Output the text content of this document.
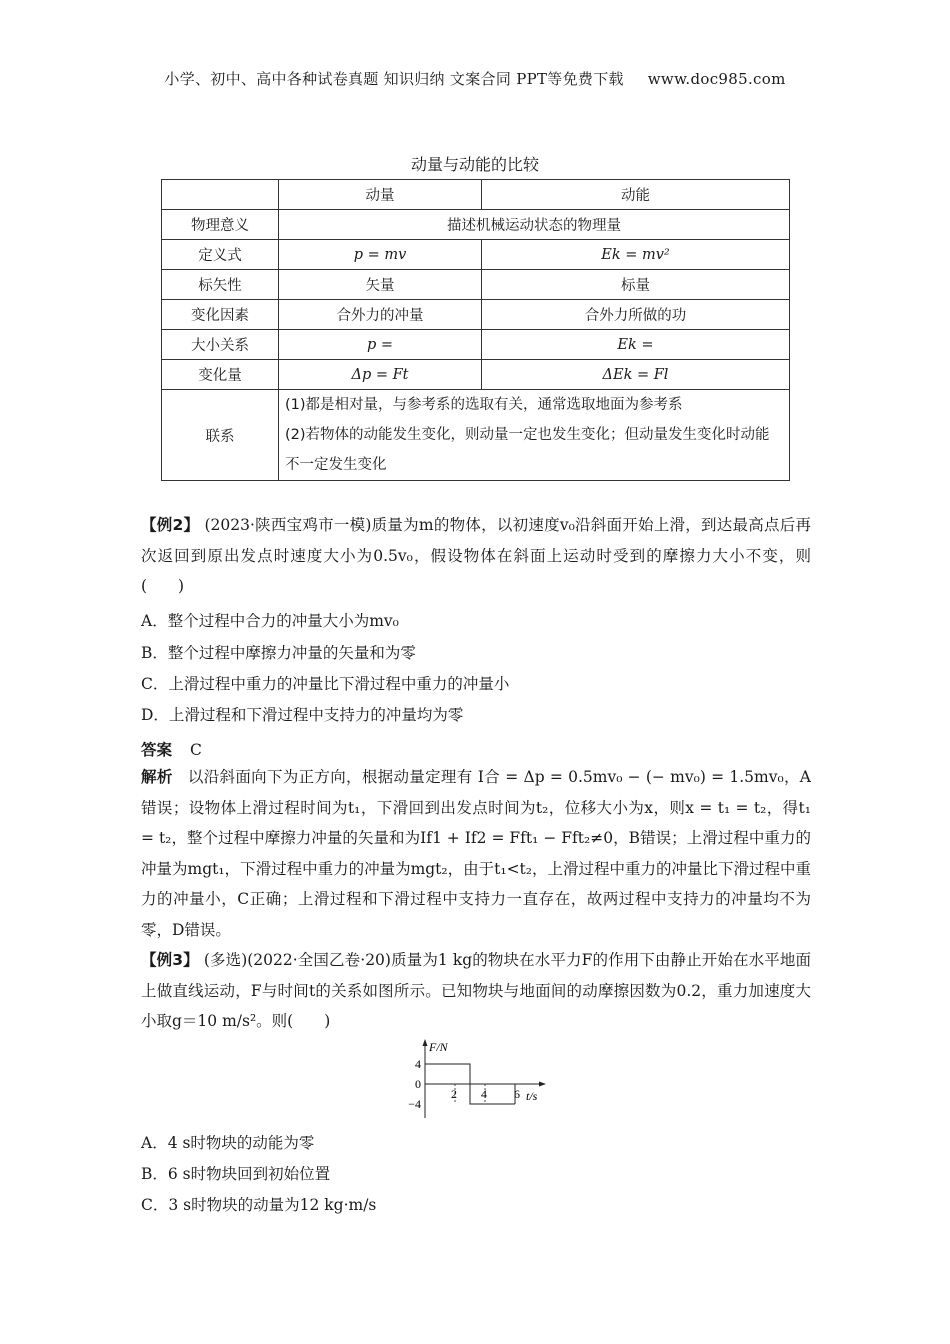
小学、初中、高中各种试卷真题 知识归纳 文案合同 PPT等免费下载 www.doc985.com
动量与动能的比较
	动量	动能
物理意义	描述机械运动状态的物理量	
定义式	p = mv	Ek = mv²
标矢性	矢量	标量
变化因素	合外力的冲量	合外力所做的功
大小关系	p =	Ek =
变化量	Δp = Ft	ΔEk = Fl
联系	(1)都是相对量，与参考系的选取有关，通常选取地面为参考系
(2)若物体的动能发生变化，则动量一定也发生变化；但动量发生变化时动能不一定发生变化	
【例2】 (2023·陕西宝鸡市一模)质量为m的物体，以初速度v₀沿斜面开始上滑，到达最高点后再次返回到原出发点时速度大小为0.5v₀，假设物体在斜面上运动时受到的摩擦力大小不变，则(　　)
A．整个过程中合力的冲量大小为mv₀
B．整个过程中摩擦力冲量的矢量和为零
C．上滑过程中重力的冲量比下滑过程中重力的冲量小
D．上滑过程和下滑过程中支持力的冲量均为零
答案 C
解析 以沿斜面向下为正方向，根据动量定理有 I合 = Δp = 0.5mv₀ − (− mv₀) = 1.5mv₀，A错误；设物体上滑过程时间为t₁，下滑回到出发点时间为t₂，位移大小为x，则x = t₁ = t₂，得t₁ = t₂，整个过程中摩擦力冲量的矢量和为If1 + If2 = Fft₁ − Fft₂≠0，B错误；上滑过程中重力的冲量为mgt₁，下滑过程中重力的冲量为mgt₂，由于t₁<t₂，上滑过程中重力的冲量比下滑过程中重力的冲量小，C正确；上滑过程和下滑过程中支持力一直存在，故两过程中支持力的冲量均不为零，D错误。
【例3】 (多选)(2022·全国乙卷·20)质量为1 kg的物块在水平力F的作用下由静止开始在水平地面上做直线运动，F与时间t的关系如图所示。已知物块与地面间的动摩擦因数为0.2，重力加速度大小取g＝10 m/s²。则(　　)
F/N
t/s
4
0
−4
2 4 6
A．4 s时物块的动能为零
B．6 s时物块回到初始位置
C．3 s时物块的动量为12 kg·m/s
